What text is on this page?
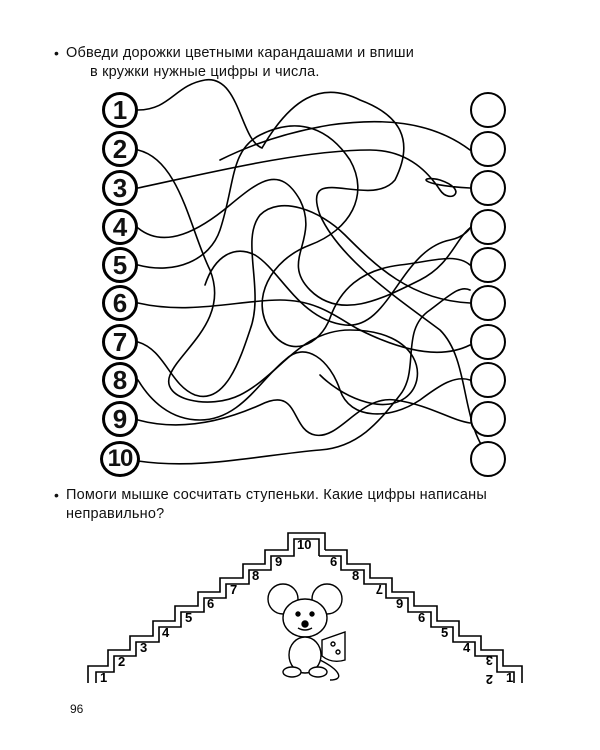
• Обведи дорожки цветными карандашами и впиши

в кружки нужные цифры и числа.
1
2
3
4
5
6
7
8
9
10
• Помоги мышке сосчитать ступеньки. Какие цифры написаны
неправильно?
1
2
3
4
5
6
7
8
9
10
6
8
7
9
6
5
4
3
2 1
96
